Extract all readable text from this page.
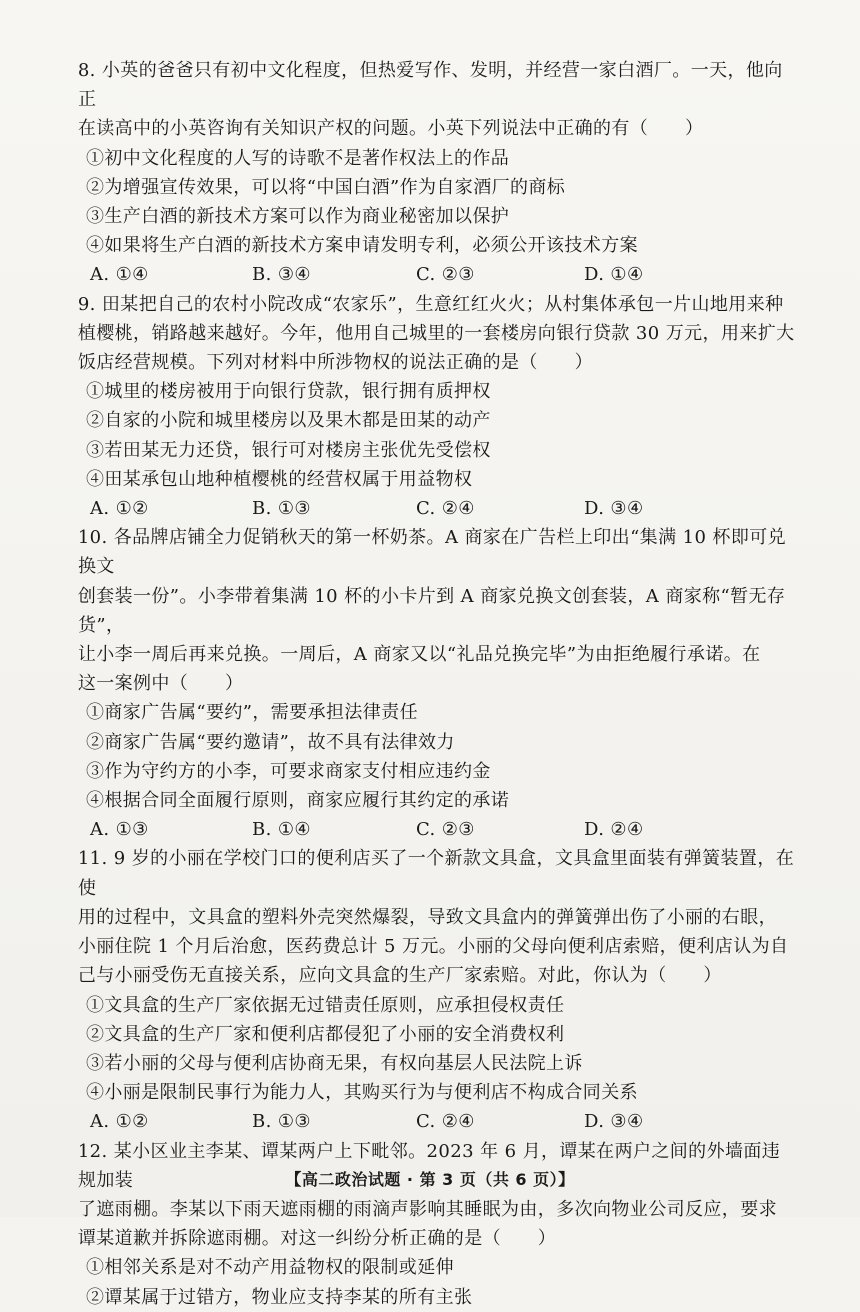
8. 小英的爸爸只有初中文化程度，但热爱写作、发明，并经营一家白酒厂。一天，他向正
在读高中的小英咨询有关知识产权的问题。小英下列说法中正确的有（　　）
①初中文化程度的人写的诗歌不是著作权法上的作品
②为增强宣传效果，可以将“中国白酒”作为自家酒厂的商标
③生产白酒的新技术方案可以作为商业秘密加以保护
④如果将生产白酒的新技术方案申请发明专利，必须公开该技术方案
A. ①④	B. ③④	C. ②③	D. ①④
9. 田某把自己的农村小院改成“农家乐”，生意红红火火；从村集体承包一片山地用来种
植樱桃，销路越来越好。今年，他用自己城里的一套楼房向银行贷款 30 万元，用来扩大
饭店经营规模。下列对材料中所涉物权的说法正确的是（　　）
①城里的楼房被用于向银行贷款，银行拥有质押权
②自家的小院和城里楼房以及果木都是田某的动产
③若田某无力还贷，银行可对楼房主张优先受偿权
④田某承包山地种植樱桃的经营权属于用益物权
A. ①②	B. ①③	C. ②④	D. ③④
10. 各品牌店铺全力促销秋天的第一杯奶茶。A 商家在广告栏上印出“集满 10 杯即可兑换文
创套装一份”。小李带着集满 10 杯的小卡片到 A 商家兑换文创套装，A 商家称“暂无存货”，
让小李一周后再来兑换。一周后，A 商家又以“礼品兑换完毕”为由拒绝履行承诺。在
这一案例中（　　）
①商家广告属“要约”，需要承担法律责任
②商家广告属“要约邀请”，故不具有法律效力
③作为守约方的小李，可要求商家支付相应违约金
④根据合同全面履行原则，商家应履行其约定的承诺
A. ①③	B. ①④	C. ②③	D. ②④
11. 9 岁的小丽在学校门口的便利店买了一个新款文具盒，文具盒里面装有弹簧装置，在使
用的过程中，文具盒的塑料外壳突然爆裂，导致文具盒内的弹簧弹出伤了小丽的右眼，
小丽住院 1 个月后治愈，医药费总计 5 万元。小丽的父母向便利店索赔，便利店认为自
己与小丽受伤无直接关系，应向文具盒的生产厂家索赔。对此，你认为（　　）
①文具盒的生产厂家依据无过错责任原则，应承担侵权责任
②文具盒的生产厂家和便利店都侵犯了小丽的安全消费权利
③若小丽的父母与便利店协商无果，有权向基层人民法院上诉
④小丽是限制民事行为能力人，其购买行为与便利店不构成合同关系
A. ①②	B. ①③	C. ②④	D. ③④
12. 某小区业主李某、谭某两户上下毗邻。2023 年 6 月，谭某在两户之间的外墙面违规加装
了遮雨棚。李某以下雨天遮雨棚的雨滴声影响其睡眠为由，多次向物业公司反应，要求
谭某道歉并拆除遮雨棚。对这一纠纷分析正确的是（　　）
①相邻关系是对不动产用益物权的限制或延伸
②谭某属于过错方，物业应支持李某的所有主张
【高二政治试题 · 第 3 页（共 6 页）】
